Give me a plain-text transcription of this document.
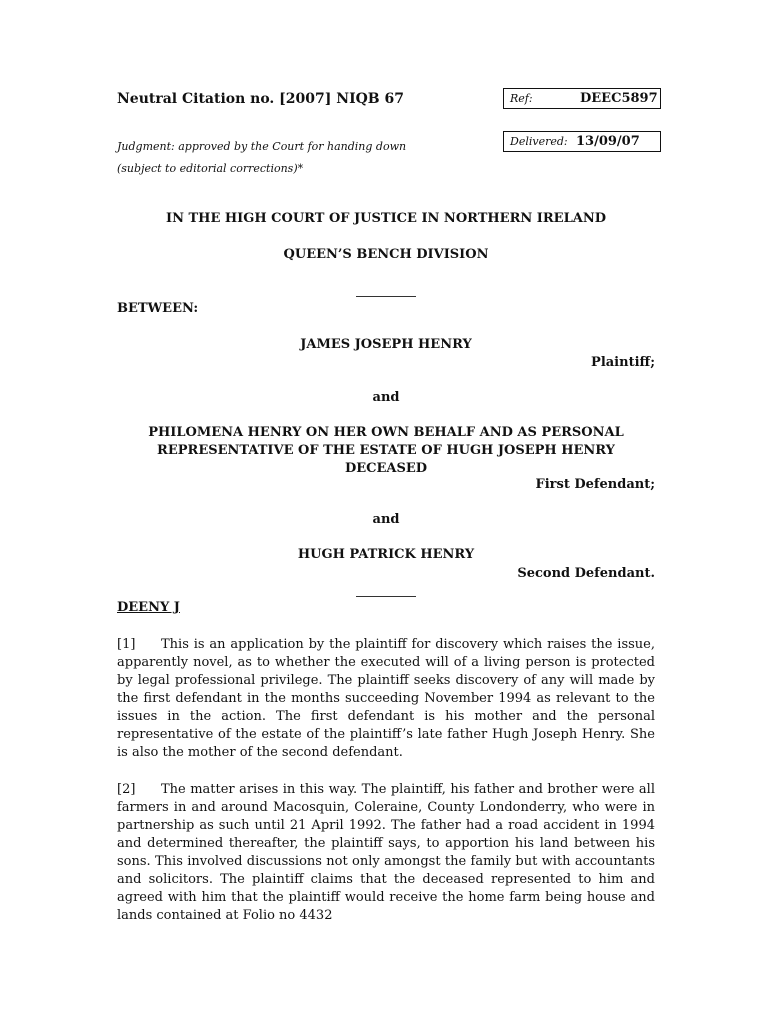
Neutral Citation no. [2007] NIQB 67	Ref:	DEEC5897
Judgment: approved by the Court for handing down
(subject to editorial corrections)*
Delivered: 13/09/07
IN THE HIGH COURT OF JUSTICE IN NORTHERN IRELAND
QUEEN’S BENCH DIVISION
BETWEEN:
JAMES JOSEPH HENRY
Plaintiff;
and
PHILOMENA HENRY ON HER OWN BEHALF AND AS PERSONAL
REPRESENTATIVE OF THE ESTATE OF HUGH JOSEPH HENRY
DECEASED
First Defendant;
and
HUGH PATRICK HENRY
Second Defendant.
DEENY J
[1] This is an application by the plaintiff for discovery which raises the issue, apparently novel, as to whether the executed will of a living person is protected by legal professional privilege. The plaintiff seeks discovery of any will made by the first defendant in the months succeeding November 1994 as relevant to the issues in the action. The first defendant is his mother and the personal representative of the estate of the plaintiff’s late father Hugh Joseph Henry. She is also the mother of the second defendant.
[2] The matter arises in this way. The plaintiff, his father and brother were all farmers in and around Macosquin, Coleraine, County Londonderry, who were in partnership as such until 21 April 1992. The father had a road accident in 1994 and determined thereafter, the plaintiff says, to apportion his land between his sons. This involved discussions not only amongst the family but with accountants and solicitors. The plaintiff claims that the deceased represented to him and agreed with him that the plaintiff would receive the home farm being house and lands contained at Folio no 4432
